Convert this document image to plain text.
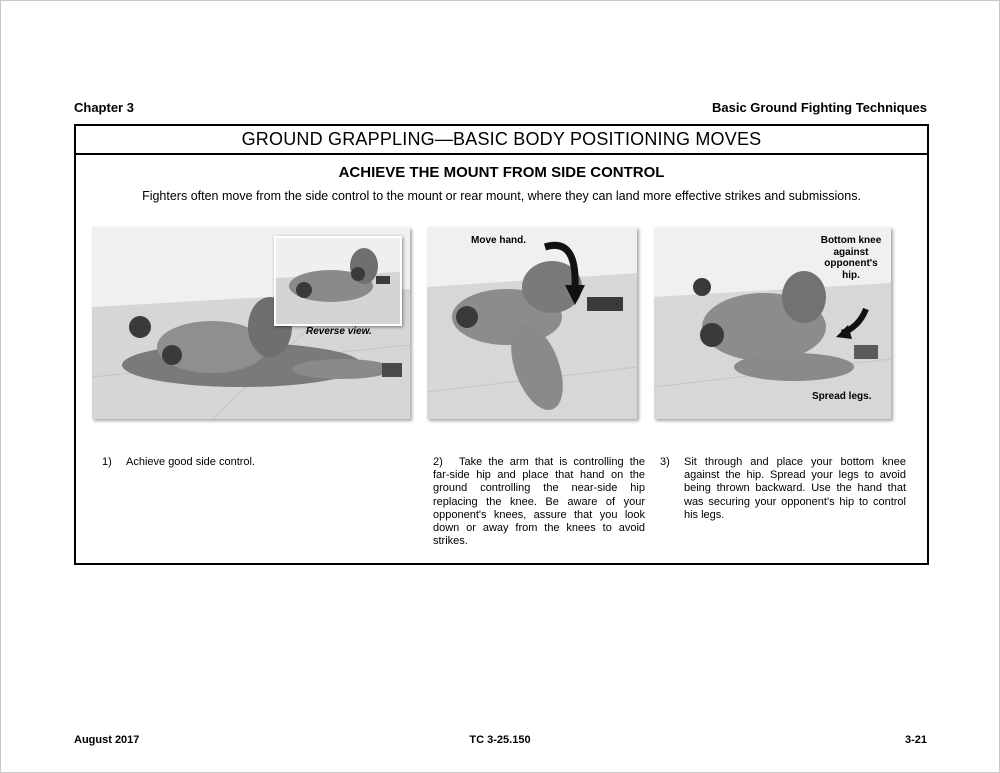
Chapter 3	Basic Ground Fighting Techniques
GROUND GRAPPLING—BASIC BODY POSITIONING MOVES
ACHIEVE THE MOUNT FROM SIDE CONTROL
Fighters often move from the side control to the mount or rear mount, where they can land more effective strikes and submissions.
Reverse view.
Move hand.	Bottom knee
against
opponent's
hip.
Spread legs.
1) Achieve good side control.	2)	Take the arm that is controlling the far-side hip and place that hand on the ground controlling the near-side hip replacing the knee. Be aware of your opponent's knees, assure that you look down or away from the knees to avoid strikes.
3) Sit through and place your bottom knee against the hip. Spread your legs to avoid being thrown backward. Use the hand that was securing your opponent's hip to control his legs.
August 2017	TC 3-25.150	3-21
